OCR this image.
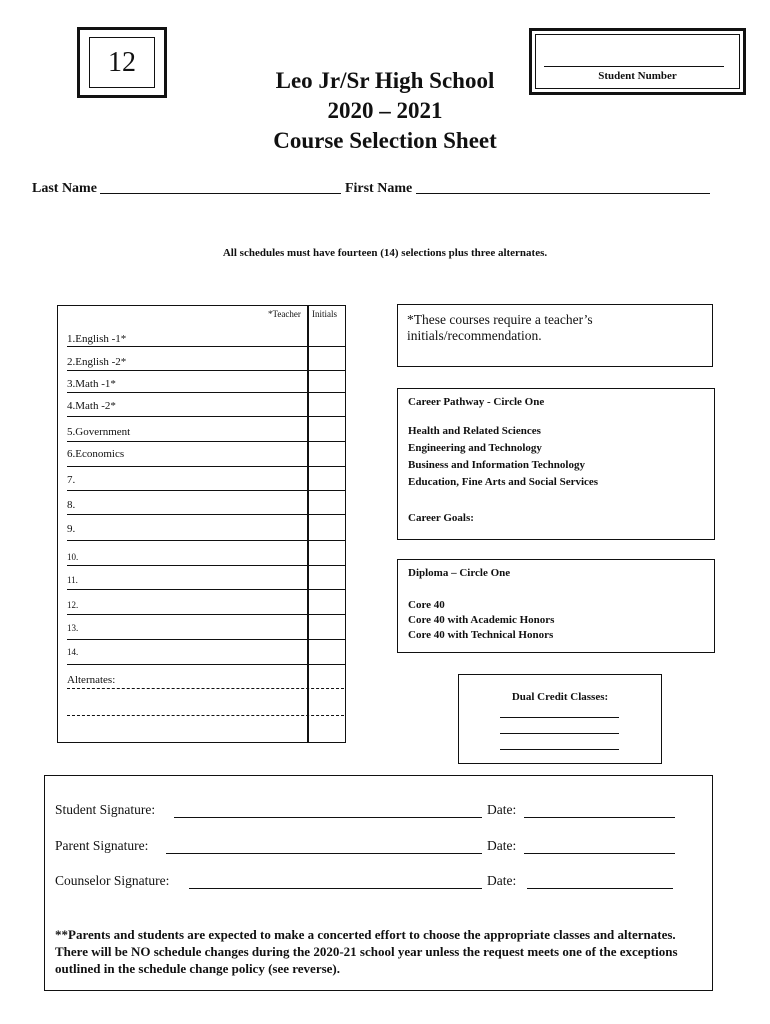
12	Student Number
Leo Jr/Sr High School
2020 – 2021
Course Selection Sheet
Last Name	First Name
All schedules must have fourteen (14) selections plus three alternates.
*Teacher Initials
1.English -1*
2.English -2*
3.Math -1*
4.Math -2*
5.Government
6.Economics
7.
8.
9.
10.
11.
12.
13.
14.
Alternates:
*These courses require a teacher’s initials/recommendation.
Career Pathway - Circle One
Health and Related Sciences
Engineering and Technology
Business and Information Technology
Education, Fine Arts and Social Services
Career Goals:
Diploma – Circle One
Core 40
Core 40 with Academic Honors
Core 40 with Technical Honors
Dual Credit Classes:
Student Signature:	Date:
Parent Signature:	Date:
Counselor Signature:	Date:
**Parents and students are expected to make a concerted effort to choose the appropriate classes and alternates. There will be NO schedule changes during the 2020-21 school year unless the request meets one of the exceptions outlined in the schedule change policy (see reverse).
